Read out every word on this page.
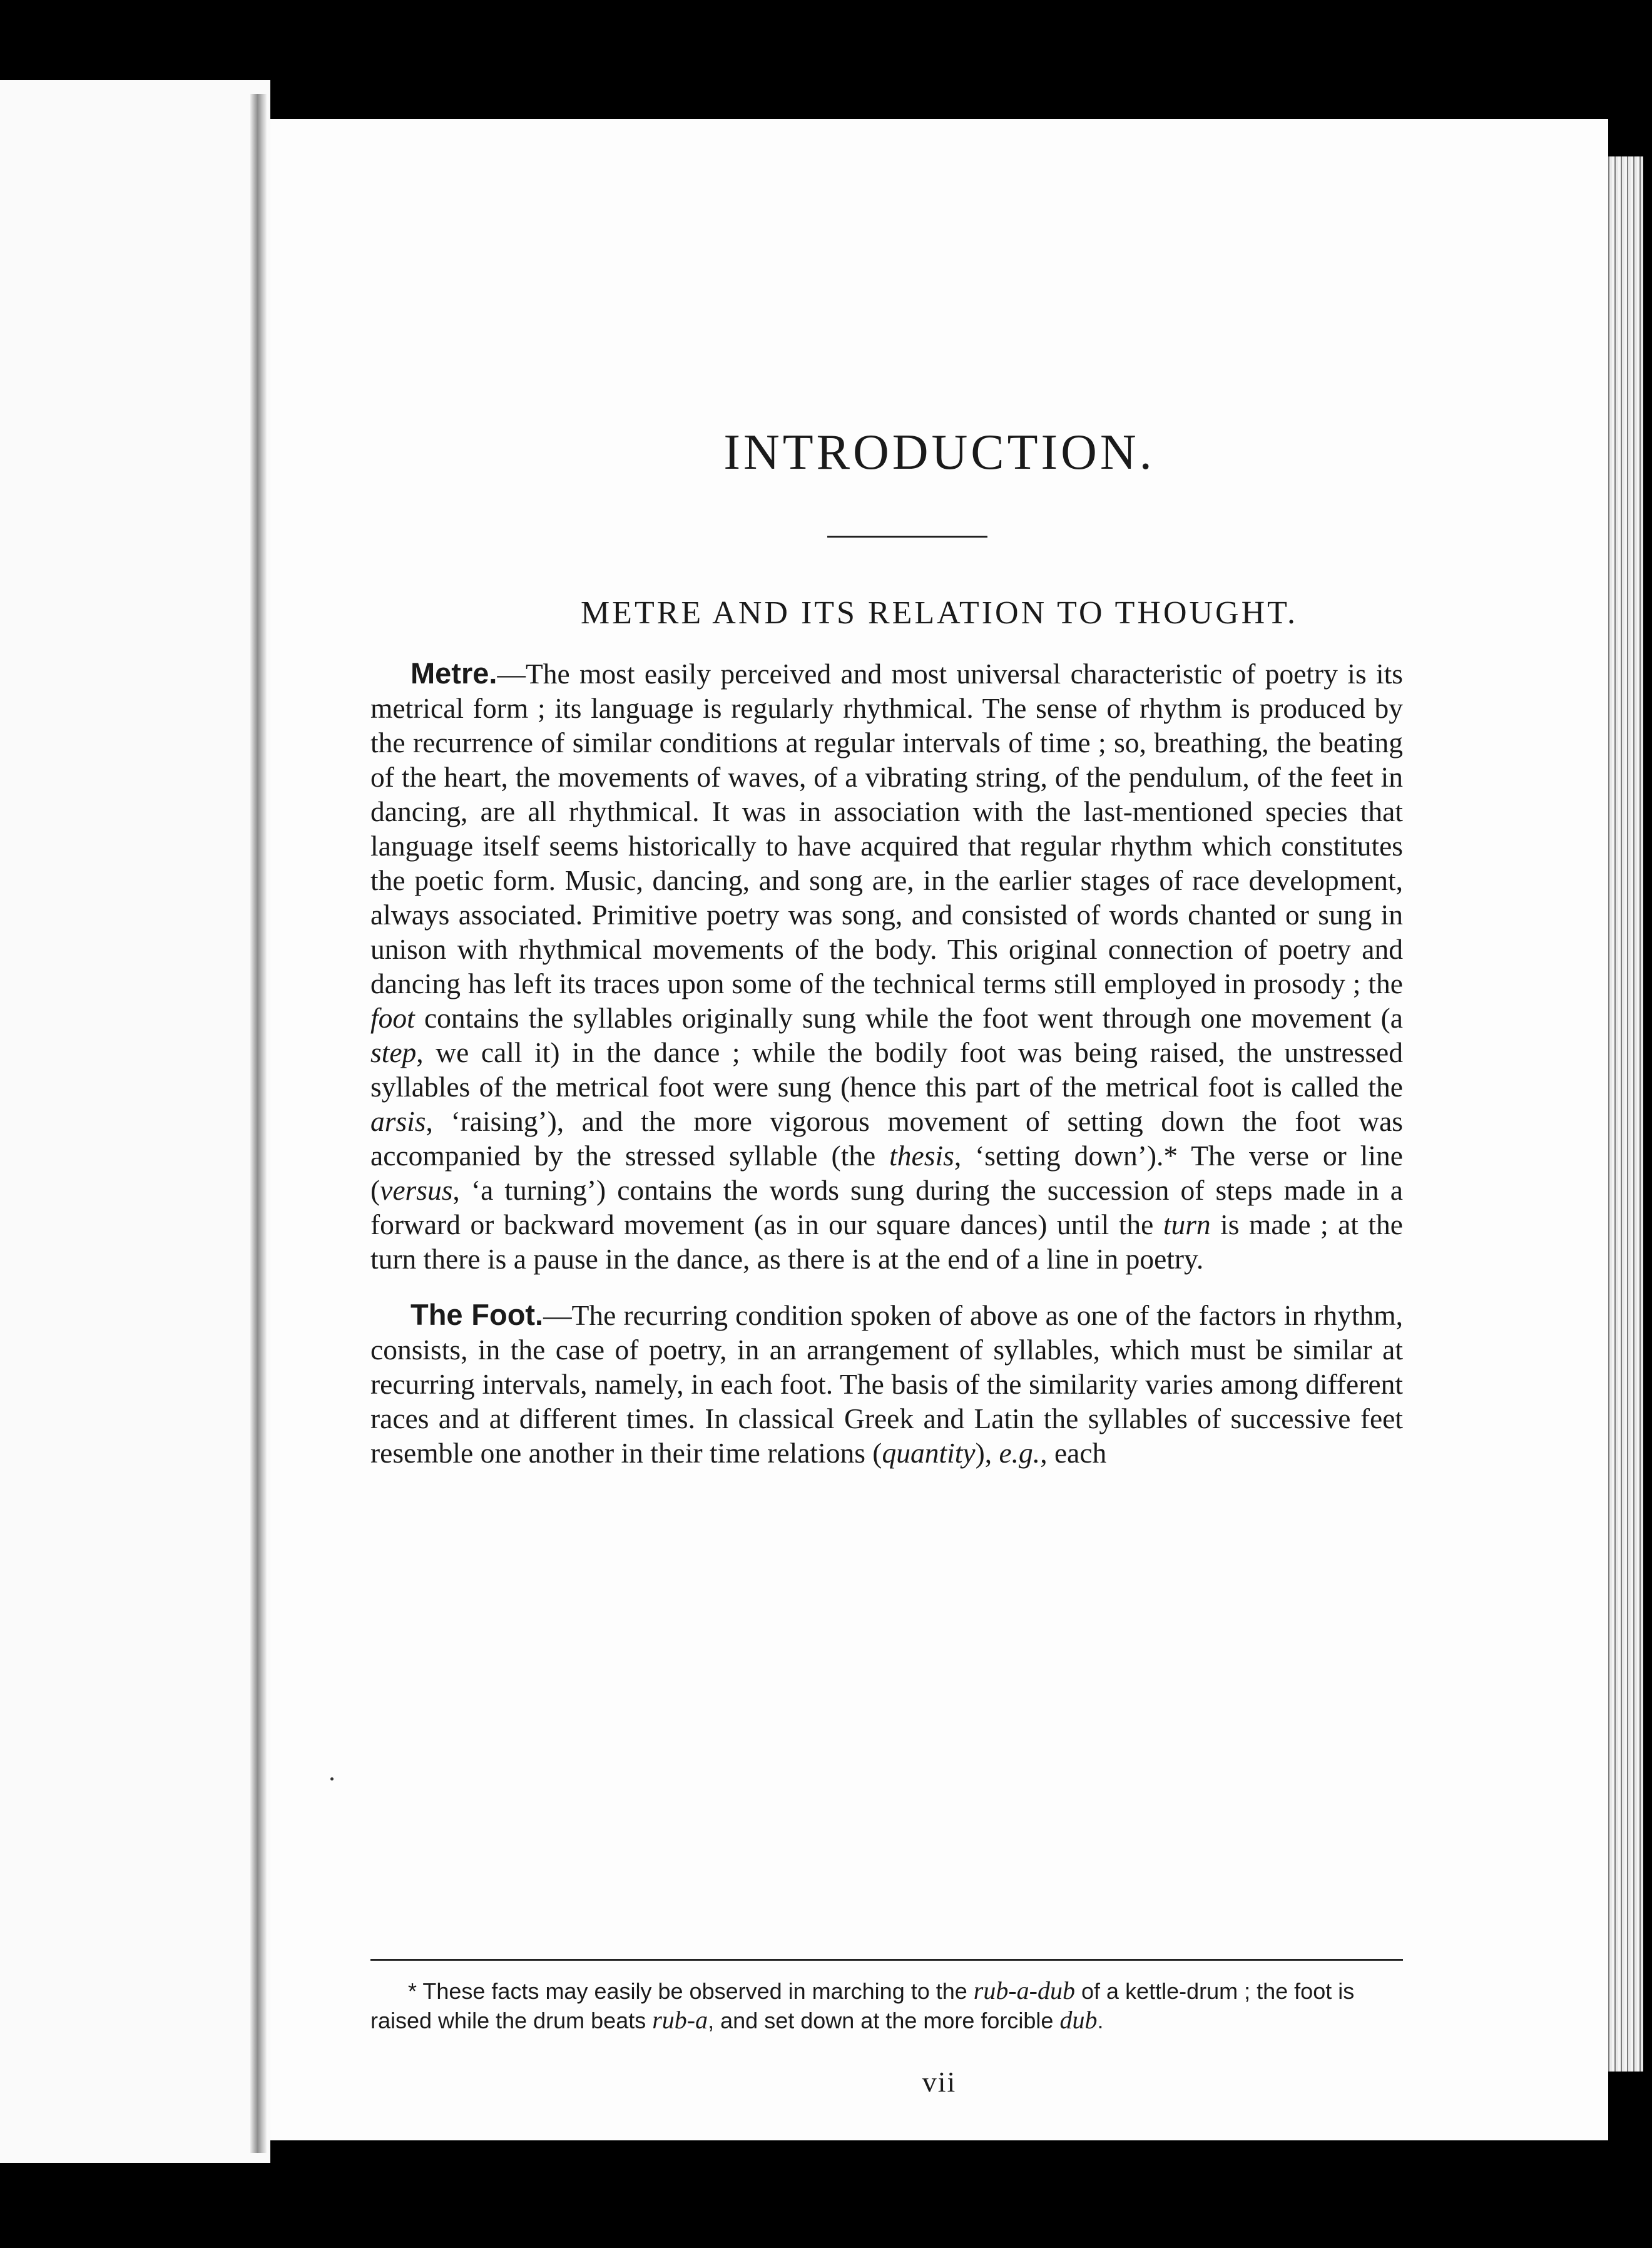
INTRODUCTION.
METRE AND ITS RELATION TO THOUGHT.

Metre.—The most easily perceived and most universal characteristic of poetry is its metrical form ; its language is regularly rhythmical. The sense of rhythm is produced by the recurrence of similar conditions at regular intervals of time ; so, breathing, the beating of the heart, the movements of waves, of a vibrating string, of the pendulum, of the feet in dancing, are all rhythmical. It was in association with the last-mentioned species that language itself seems historically to have acquired that regular rhythm which constitutes the poetic form. Music, dancing, and song are, in the earlier stages of race development, always associated. Primitive poetry was song, and consisted of words chanted or sung in unison with rhythmical movements of the body. This original connection of poetry and dancing has left its traces upon some of the technical terms still employed in prosody ; the foot contains the syllables originally sung while the foot went through one movement (a step, we call it) in the dance ; while the bodily foot was being raised, the unstressed syllables of the metrical foot were sung (hence this part of the metrical foot is called the arsis, ‘raising’), and the more vigorous movement of setting down the foot was accompanied by the stressed syllable (the thesis, ‘setting down’).* The verse or line (versus, ‘a turning’) contains the words sung during the succession of steps made in a forward or backward movement (as in our square dances) until the turn is made ; at the turn there is a pause in the dance, as there is at the end of a line in poetry.

The Foot.—The recurring condition spoken of above as one of the factors in rhythm, consists, in the case of poetry, in an arrangement of syllables, which must be similar at recurring intervals, namely, in each foot. The basis of the similarity varies among different races and at different times. In classical Greek and Latin the syllables of successive feet resemble one another in their time relations (quantity), e.g., each

* These facts may easily be observed in marching to the rub-a-dub of a kettle-drum ; the foot is raised while the drum beats rub-a, and set down at the more forcible dub.
vii
